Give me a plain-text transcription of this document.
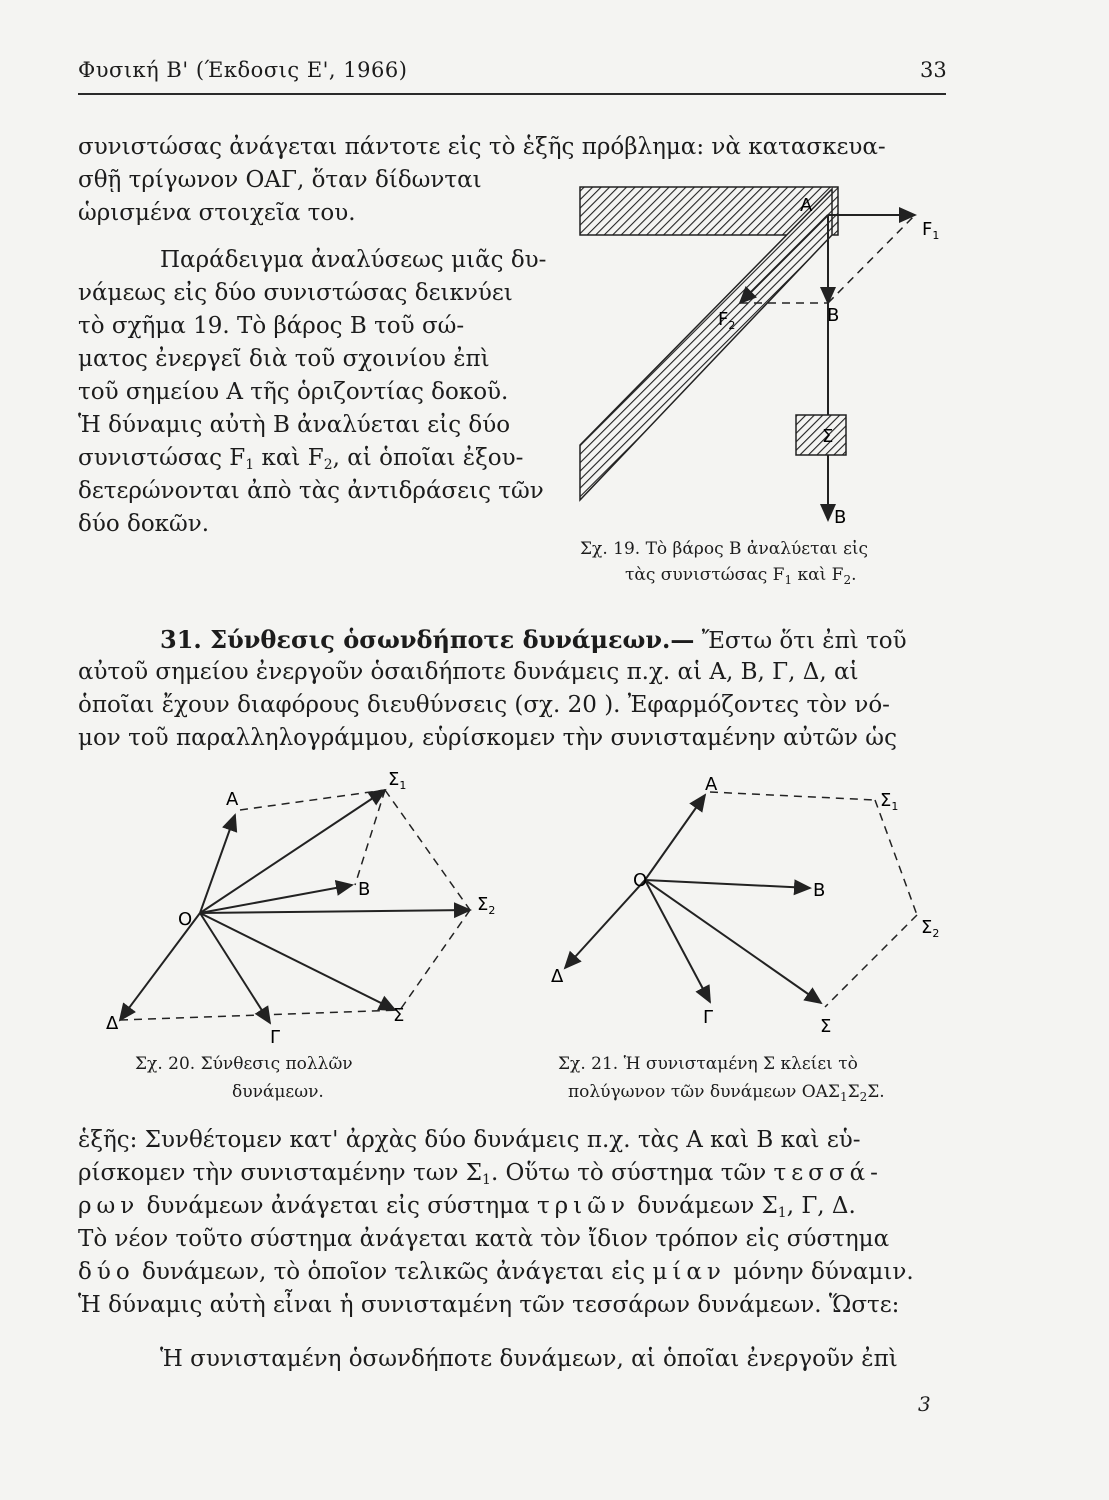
Φυσική Β' (Έκδοσις Ε', 1966)	33
συνιστώσας ἀνάγεται πάντοτε εἰς τὸ ἑξῆς πρόβλημα: νὰ κατασκευα-
σθῇ τρίγωνον ΟΑΓ, ὅταν δίδωνται
ὡρισμένα στοιχεῖα του.
Παράδειγμα ἀναλύσεως μιᾶς δυ-
νάμεως εἰς δύο συνιστώσας δεικνύει
τὸ σχῆμα 19. Τὸ βάρος Β τοῦ σώ-
ματος ἐνεργεῖ διὰ τοῦ σχοινίου ἐπὶ
τοῦ σημείου Α τῆς ὁριζοντίας δοκοῦ.
Ἡ δύναμις αὐτὴ Β ἀναλύεται εἰς δύο
συνιστώσας $F_1$ καὶ $F_2$, αἱ ὁποῖαι ἐξου-
δετερώνονται ἀπὸ τὰς ἀντιδράσεις τῶν
δύο δοκῶν.
A
$F_1$
$F_2$	B
Σ
B
Σχ. 19. Τὸ βάρος Β ἀναλύεται εἰς
τὰς συνιστώσας $F_1$ καὶ $F_2$.
31. Σύνθεσις ὁσωνδήποτε δυνάμεων.— Ἔστω ὅτι ἐπὶ τοῦ
αὐτοῦ σημείου ἐνεργοῦν ὁσαιδήποτε δυνάμεις π.χ. αἱ Α, Β, Γ, Δ, αἱ
ὁποῖαι ἔχουν διαφόρους διευθύνσεις (σχ. 20 ). Ἐφαρμόζοντες τὸν νό-
μον τοῦ παραλληλογράμμου, εὑρίσκομεν τὴν συνισταμένην αὐτῶν ὡς
A
$\Sigma_1$
B
$\Sigma_2$
O
Δ
Γ
Σ
Σχ. 20. Σύνθεσις πολλῶν
δυνάμεων.
A
$\Sigma_1$
O	B
$\Sigma_2$
Δ
Γ	Σ
Σχ. 21. Ἡ συνισταμένη Σ κλείει τὸ
πολύγωνον τῶν δυνάμεων $OA\Sigma_1\Sigma_2\Sigma$.
ἑξῆς: Συνθέτομεν κατ' ἀρχὰς δύο δυνάμεις π.χ. τὰς Α καὶ Β καὶ εὑ-
ρίσκομεν τὴν συνισταμένην των $\Sigma_1$. Οὕτω τὸ σύστημα τῶν τεσσά-
ρων δυνάμεων ἀνάγεται εἰς σύστημα τριῶν δυνάμεων $\Sigma_1$, Γ, Δ.
Τὸ νέον τοῦτο σύστημα ἀνάγεται κατὰ τὸν ἴδιον τρόπον εἰς σύστημα
δύο δυνάμεων, τὸ ὁποῖον τελικῶς ἀνάγεται εἰς μίαν μόνην δύναμιν.
Ἡ δύναμις αὐτὴ εἶναι ἡ συνισταμένη τῶν τεσσάρων δυνάμεων. Ὥστε:
Ἡ συνισταμένη ὁσωνδήποτε δυνάμεων, αἱ ὁποῖαι ἐνεργοῦν ἐπὶ
3
